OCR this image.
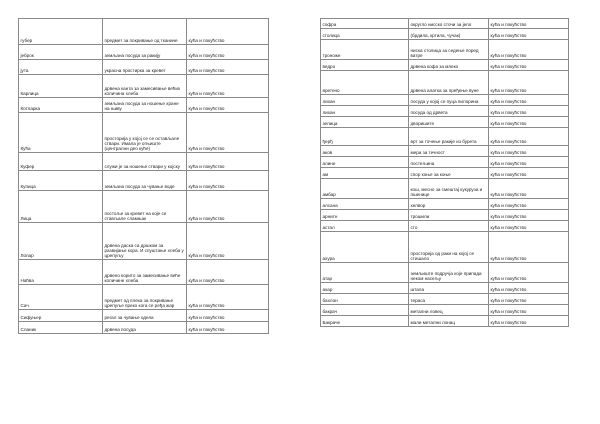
губер	предмет за покривање од тканине	кућа и покућство
јеброк	земљана посуда за ракију	кућа и покућство
јута	украсна простирка за кревет	кућа и покућство
Карлица	дрвена канта за замесивање већих количина хлеба	кућа и покућство
Котларка	земљана посуда за ношење хране на њиву	кућа и покућство
Кућа	просторија у којој се се остављале ствари. Имала је огњиште (централни део куће)	кућа и покућство
Куфер	служи је за ношење ствари у којску	кућа и покућство
Купица	земљана посуда за чување воде	кућа и покућство
Лица	постоље за кревет на које се стављале сламњак	кућа и покућство
Лопар	дрвена даска са дршком за развијање кора. И спуштање хлеба у црепуљу	кућа и покућство
Наћва	дрвено корито за замесивање веће количине хлеба	кућа и покућство
Сач	предмет од плеха за покривање црепуље преко кога се ређа жар	кућа и покућство
Сифуњер	регал за чување одела	кућа и покућство
Сланик	дрвена посуда	кућа и покућство
софра	округло нисско сточи за јело	кућа и покућство
столица	(брдила, кртила, чучак)	кућа и покућство
троноже	ниска столица за седење поред ватре	кућа и покућство
ведро	дрвена кофа за млеко	кућа и покућство
вретено	дрвена алатка за пређење вуне	кућа и покућство
лихан	посуда у којој се пуца пилорина	кућа и покућство
лихан	посуда од дрвета	кућа и покућство
зелица	дворишите	кућа и покућство
ђерђ	врт за точење ракије из бурета	кућа и покућство
аков	мера за течност	кућа и покућство
алине	постељина	кућа и покућство
ам	спор коње за коње	кућа и покућство
амбар	кош, месно за смештај кукуруза и пшенице	кућа и покућство
алсана	хелвор	кућа и покућство
арнитн	трошили	кућа и покућство
астал	сто	кућа и покућство
ахура	просторија од раки на којој се стишало	кућа и покућство
атар	земљиште подручја које припада неком насељу	кућа и покућство
ахар	штала	кућа и покућство
бахлон	тераса	кућа и покућство
бакрач	метални ловец	кућа и покућство
Бакрачe	мали метални лонац	кућа и покућство
